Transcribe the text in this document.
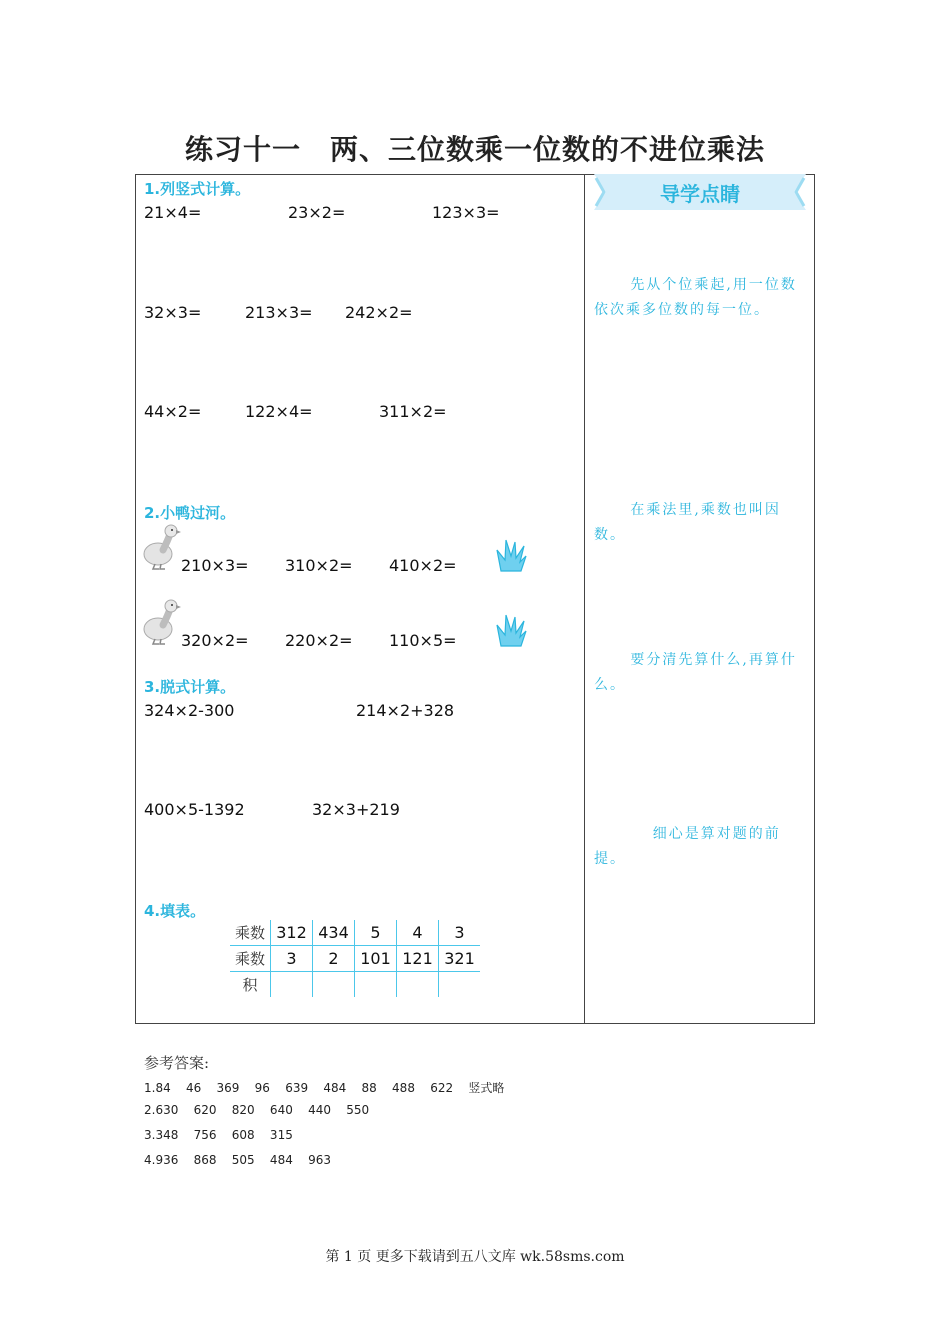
练习十一　两、三位数乘一位数的不进位乘法
导学点睛
1.列竖式计算。
21×4=	23×2=	123×3=
32×3=	213×3= 242×2=
44×2=	122×4=	311×2=
2.小鸭过河。
210×3= 310×2= 410×2=
320×2= 220×2= 110×5=
3.脱式计算。
324×2-300	214×2+328
400×5-1392	32×3+219
4.填表。
乘数	312	434	5	4	3
乘数	3	2	101	121	321
积					
先从个位乘起,用一位数依次乘多位数的每一位。
在乘法里,乘数也叫因数。
要分清先算什么,再算什么。
细心是算对题的前提。
参考答案:
1.84    46    369    96    639    484    88    488    622    竖式略
2.630    620    820    640    440    550
3.348    756    608    315
4.936    868    505    484    963
第 1 页 更多下载请到五八文库 wk.58sms.com
